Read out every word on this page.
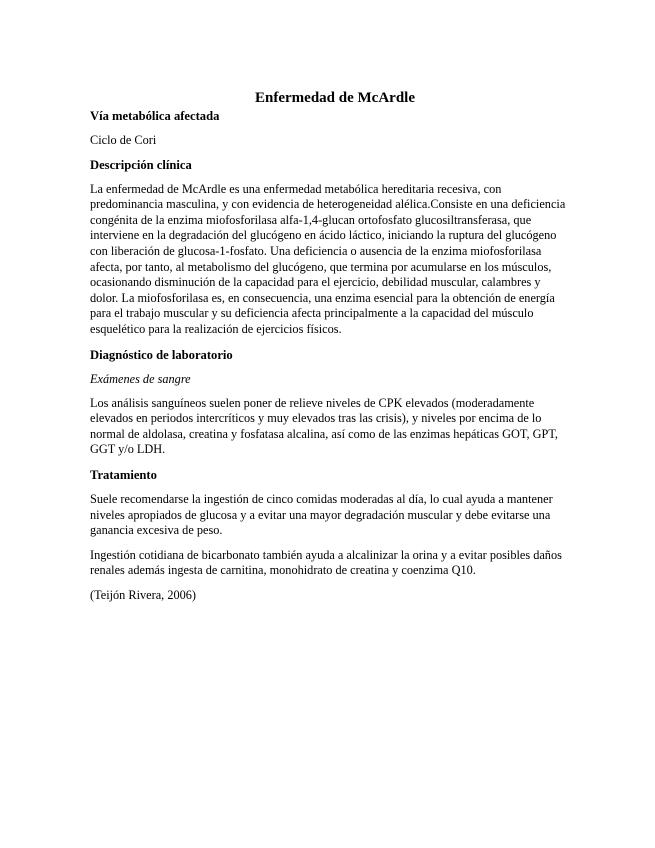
Enfermedad de McArdle
Vía metabólica afectada

Ciclo de Cori

Descripción clínica

La enfermedad de McArdle es una enfermedad metabólica hereditaria recesiva, con predominancia masculina, y con evidencia de heterogeneidad alélica.Consiste en una deficiencia congénita de la enzima miofosforilasa alfa-1,4-glucan ortofosfato glucosiltransferasa, que interviene en la degradación del glucógeno en ácido láctico, iniciando la ruptura del glucógeno con liberación de glucosa-1-fosfato. Una deficiencia o ausencia de la enzima miofosforilasa afecta, por tanto, al metabolismo del glucógeno, que termina por acumularse en los músculos, ocasionando disminución de la capacidad para el ejercicio, debilidad muscular, calambres y dolor. La miofosforilasa es, en consecuencia, una enzima esencial para la obtención de energía para el trabajo muscular y su deficiencia afecta principalmente a la capacidad del músculo esquelético para la realización de ejercicios físicos.

Diagnóstico de laboratorio

Exámenes de sangre

Los análisis sanguíneos suelen poner de relieve niveles de CPK elevados (moderadamente elevados en periodos intercríticos y muy elevados tras las crisis), y niveles por encima de lo normal de aldolasa, creatina y fosfatasa alcalina, así como de las enzimas hepáticas GOT, GPT, GGT y/o LDH.

Tratamiento

Suele recomendarse la ingestión de cinco comidas moderadas al día, lo cual ayuda a mantener niveles apropiados de glucosa y a evitar una mayor degradación muscular y debe evitarse una ganancia excesiva de peso.

Ingestión cotidiana de bicarbonato también ayuda a alcalinizar la orina y a evitar posibles daños renales además ingesta de carnitina, monohidrato de creatina y coenzima Q10.

(Teijón Rivera, 2006)
